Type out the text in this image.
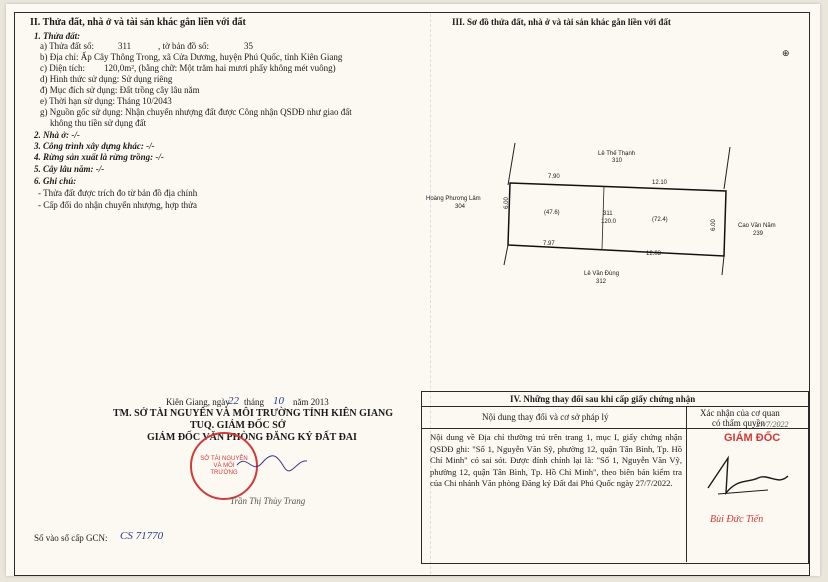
II. Thửa đất, nhà ở và tài sản khác gắn liền với đất
1. Thửa đất:
a) Thửa đất số:	311	, tờ bản đồ số:	35
b) Địa chỉ: Ấp Cây Thông Trong, xã Cửa Dương, huyện Phú Quốc, tỉnh Kiên Giang
c) Diện tích: 120,0m², (bằng chữ: Một trăm hai mươi phẩy không mét vuông)
d) Hình thức sử dụng: Sử dụng riêng
đ) Mục đích sử dụng: Đất trồng cây lâu năm
e) Thời hạn sử dụng: Tháng 10/2043
g) Nguồn gốc sử dụng: Nhận chuyển nhượng đất được Công nhận QSDĐ như giao đất
không thu tiền sử dụng đất
2. Nhà ở: -/-
3. Công trình xây dựng khác: -/-
4. Rừng sản xuất là rừng trồng: -/-
5. Cây lâu năm: -/-
6. Ghi chú:
- Thửa đất được trích đo từ bản đồ địa chính
- Cấp đổi do nhận chuyển nhượng, hợp thửa
III. Sơ đồ thửa đất, nhà ở và tài sản khác gắn liền với đất
⊕
Lê Thế Thạnh
310
7.90
12.10
Hoàng Phương Lâm
304	6.00
(47.6)	311
120.0	(72.4)	6.00	Cao Văn Năm
239
7.97
12.03
Lê Văn Đùng
312
Kiên Giang, ngày
22 tháng 10 năm 2013
TM. SỞ TÀI NGUYÊN VÀ MÔI TRƯỜNG TỈNH KIÊN GIANG
TUQ. GIÁM ĐỐC SỞ
GIÁM ĐỐC VĂN PHÒNG ĐĂNG KÝ ĐẤT ĐAI
SỞ TÀI NGUYÊN VÀ MÔI TRƯỜNG
Trần Thị Thùy Trang
Số vào sổ cấp GCN: CS 71770
IV. Những thay đổi sau khi cấp giấy chứng nhận
Nội dung thay đổi và cơ sở pháp lý	Xác nhận của cơ quan
có thẩm quyền
Nội dung về Địa chỉ thường trú trên trang 1, mục I, giấy chứng nhận QSDĐ ghi: "Số 1, Nguyễn Văn Sỹ, phường 12, quận Tân Bình, Tp. Hồ Chí Minh" có sai sót. Được đính chính lại là: "Số 1, Nguyễn Văn Vỹ, phường 12, quận Tân Bình, Tp. Hồ Chí Minh", theo biên bản kiểm tra của Chi nhánh Văn phòng Đăng ký Đất đai Phú Quốc ngày 27/7/2022.
GIÁM ĐỐC
27/7/2022
Bùi Đức Tiến
